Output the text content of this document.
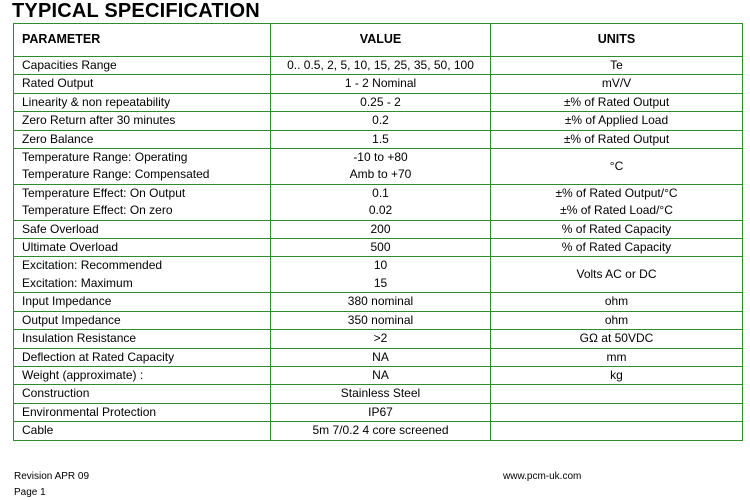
TYPICAL SPECIFICATION
PARAMETER	VALUE	UNITS
Capacities Range	0.. 0.5, 2, 5, 10, 15, 25, 35, 50, 100	Te
Rated Output	1 - 2 Nominal	mV/V
Linearity & non repeatability	0.25 - 2	±% of Rated Output
Zero Return after 30 minutes	0.2	±% of Applied Load
Zero Balance	1.5	±% of Rated Output
Temperature Range: Operating	-10 to +80	°C
Temperature Range: Compensated	Amb to +70	
Temperature Effect: On Output	0.1	±% of Rated Output/°C
Temperature Effect: On zero	0.02	±% of Rated Load/°C
Safe Overload	200	% of Rated Capacity
Ultimate Overload	500	% of Rated Capacity
Excitation: Recommended	10	Volts AC or DC
Excitation: Maximum	15	
Input Impedance	380 nominal	ohm
Output Impedance	350 nominal	ohm
Insulation Resistance	>2	GΩ at 50VDC
Deflection at Rated Capacity	NA	mm
Weight (approximate) :	NA	kg
Construction	Stainless Steel	
Environmental Protection	IP67	
Cable	5m 7/0.2 4 core screened	
Revision APR 09
Page 1
www.pcm-uk.com
